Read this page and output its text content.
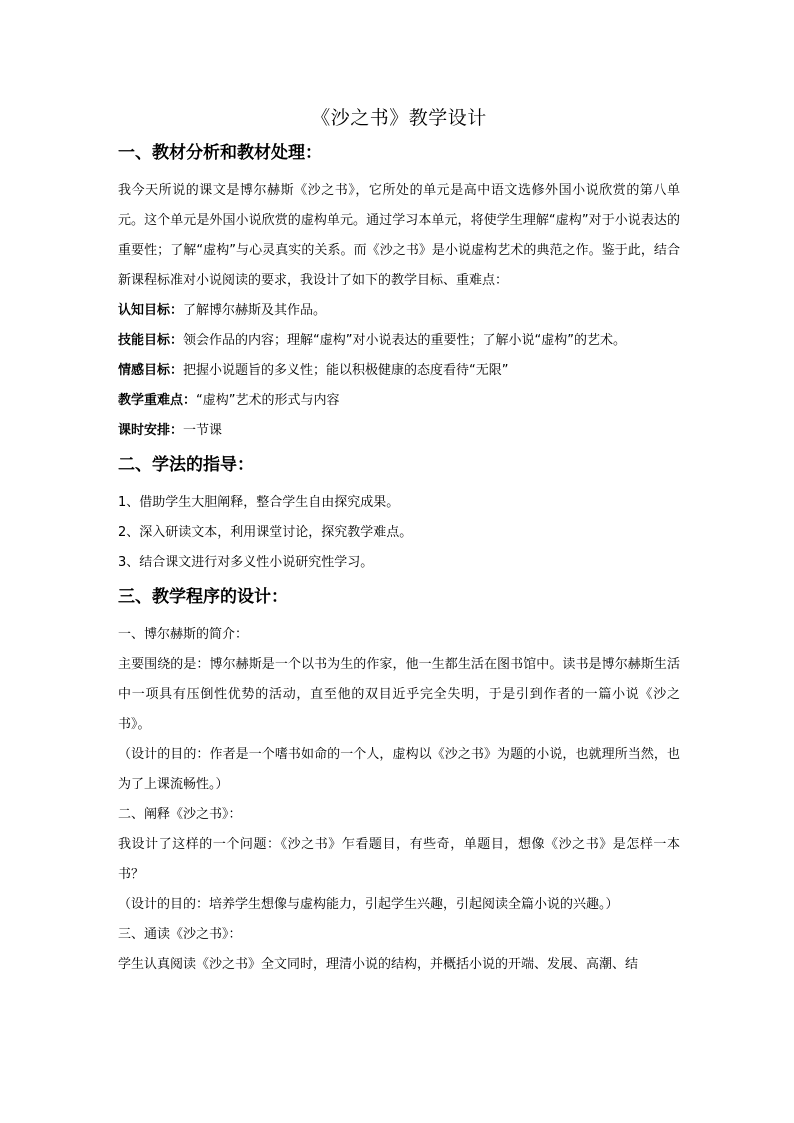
《沙之书》教学设计
一、教材分析和教材处理：

我今天所说的课文是博尔赫斯《沙之书》，它所处的单元是高中语文选修外国小说欣赏的第八单元。这个单元是外国小说欣赏的虚构单元。通过学习本单元，将使学生理解“虚构”对于小说表达的重要性；了解“虚构”与心灵真实的关系。而《沙之书》是小说虚构艺术的典范之作。鉴于此，结合新课程标准对小说阅读的要求，我设计了如下的教学目标、重难点：

认知目标：了解博尔赫斯及其作品。

技能目标：领会作品的内容；理解“虚构”对小说表达的重要性；了解小说“虚构”的艺术。

情感目标：把握小说题旨的多义性；能以积极健康的态度看待“无限”

教学重难点：“虚构”艺术的形式与内容

课时安排：一节课

二、学法的指导：

1、借助学生大胆阐释，整合学生自由探究成果。

2、深入研读文本，利用课堂讨论，探究教学难点。

3、结合课文进行对多义性小说研究性学习。

三、教学程序的设计：

一、博尔赫斯的简介：

主要围绕的是：博尔赫斯是一个以书为生的作家，他一生都生活在图书馆中。读书是博尔赫斯生活中一项具有压倒性优势的活动，直至他的双目近乎完全失明，于是引到作者的一篇小说《沙之书》。

（设计的目的：作者是一个嗜书如命的一个人，虚构以《沙之书》为题的小说，也就理所当然，也为了上课流畅性。）

二、阐释《沙之书》：

我设计了这样的一个问题：《沙之书》乍看题目，有些奇，单题目，想像《沙之书》是怎样一本书？

（设计的目的：培养学生想像与虚构能力，引起学生兴趣，引起阅读全篇小说的兴趣。）

三、通读《沙之书》：

学生认真阅读《沙之书》全文同时，理清小说的结构，并概括小说的开端、发展、高潮、结
